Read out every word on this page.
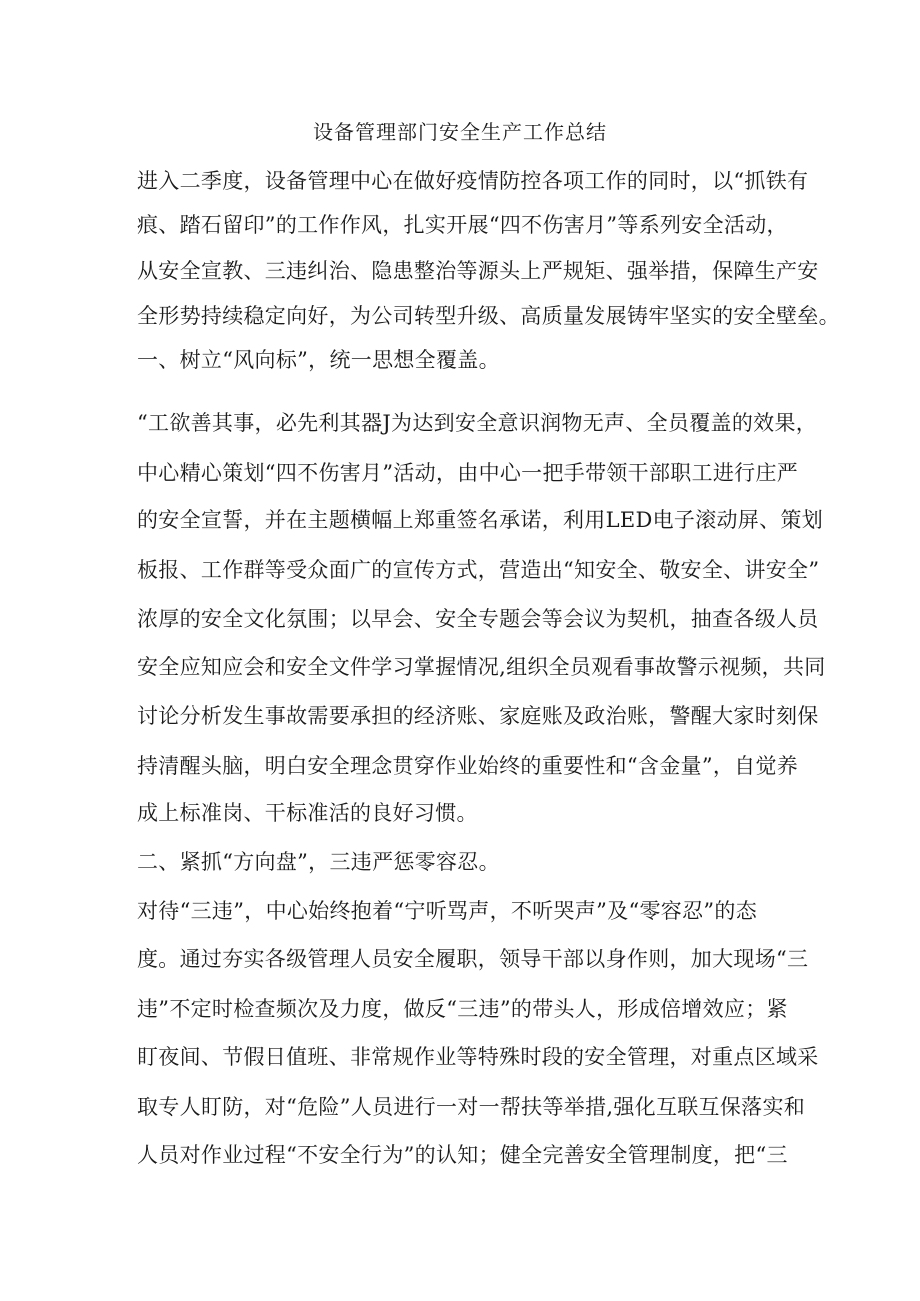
设备管理部门安全生产工作总结
进入二季度，设备管理中心在做好疫情防控各项工作的同时，以“抓铁有
痕、踏石留印”的工作作风，扎实开展“四不伤害月”等系列安全活动，
从安全宣教、三违纠治、隐患整治等源头上严规矩、强举措，保障生产安
全形势持续稳定向好，为公司转型升级、高质量发展铸牢坚实的安全壁垒。
一、树立“风向标”，统一思想全覆盖。
“工欲善其事，必先利其器J为达到安全意识润物无声、全员覆盖的效果，
中心精心策划“四不伤害月”活动，由中心一把手带领干部职工进行庄严
的安全宣誓，并在主题横幅上郑重签名承诺，利用LED电子滚动屏、策划
板报、工作群等受众面广的宣传方式，营造出“知安全、敬安全、讲安全”
浓厚的安全文化氛围；以早会、安全专题会等会议为契机，抽查各级人员
安全应知应会和安全文件学习掌握情况,组织全员观看事故警示视频，共同
讨论分析发生事故需要承担的经济账、家庭账及政治账，警醒大家时刻保
持清醒头脑，明白安全理念贯穿作业始终的重要性和“含金量”，自觉养
成上标准岗、干标准活的良好习惯。
二、紧抓“方向盘”，三违严惩零容忍。
对待“三违”，中心始终抱着“宁听骂声，不听哭声”及“零容忍”的态
度。通过夯实各级管理人员安全履职，领导干部以身作则，加大现场“三
违”不定时检查频次及力度，做反“三违”的带头人，形成倍增效应；紧
盯夜间、节假日值班、非常规作业等特殊时段的安全管理，对重点区域采
取专人盯防，对“危险”人员进行一对一帮扶等举措,强化互联互保落实和
人员对作业过程“不安全行为”的认知；健全完善安全管理制度，把“三
